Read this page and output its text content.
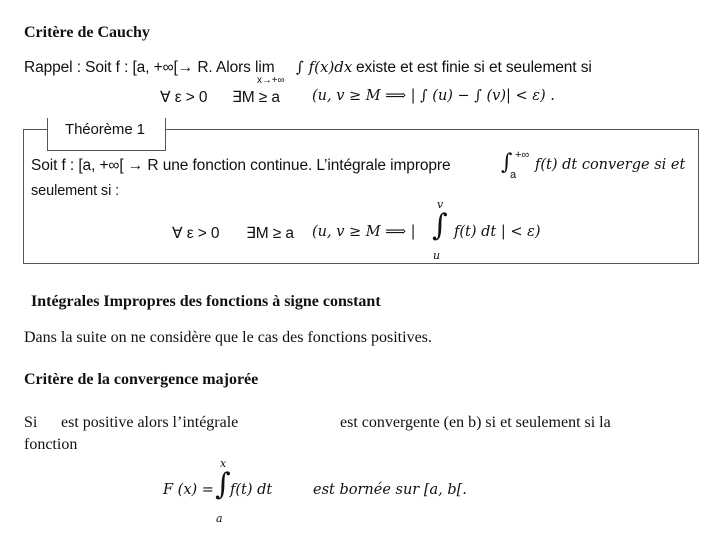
Critère de Cauchy
Rappel : Soit f : [a, +∞[→ R. Alors lim
x→+∞
∫ f(x)dx existe et est finie si et seulement si
∀ ε > 0 ∃M ≥ a (u, v ≥ M ⟹ | ∫ (u) − ∫ (v)| < ε) .
Théorème 1
Soit f : [a, +∞[ → R une fonction continue. L’intégrale impropre
+∞
∫
a
f(t) dt converge si et
seulement si :
∀ ε > 0 ∃M ≥ a (u, v ≥ M ⟹ |
v
∫
u
f(t) dt | < ε)
Intégrales Impropres des fonctions à signe constant
Dans la suite on ne considère que le cas des fonctions positives.
Critère de la convergence majorée
Si est positive alors l’intégrale	est convergente (en b) si et seulement si la
fonction
F (x) =
x
∫
a
f(t) dt	est bornée sur [a, b[.
